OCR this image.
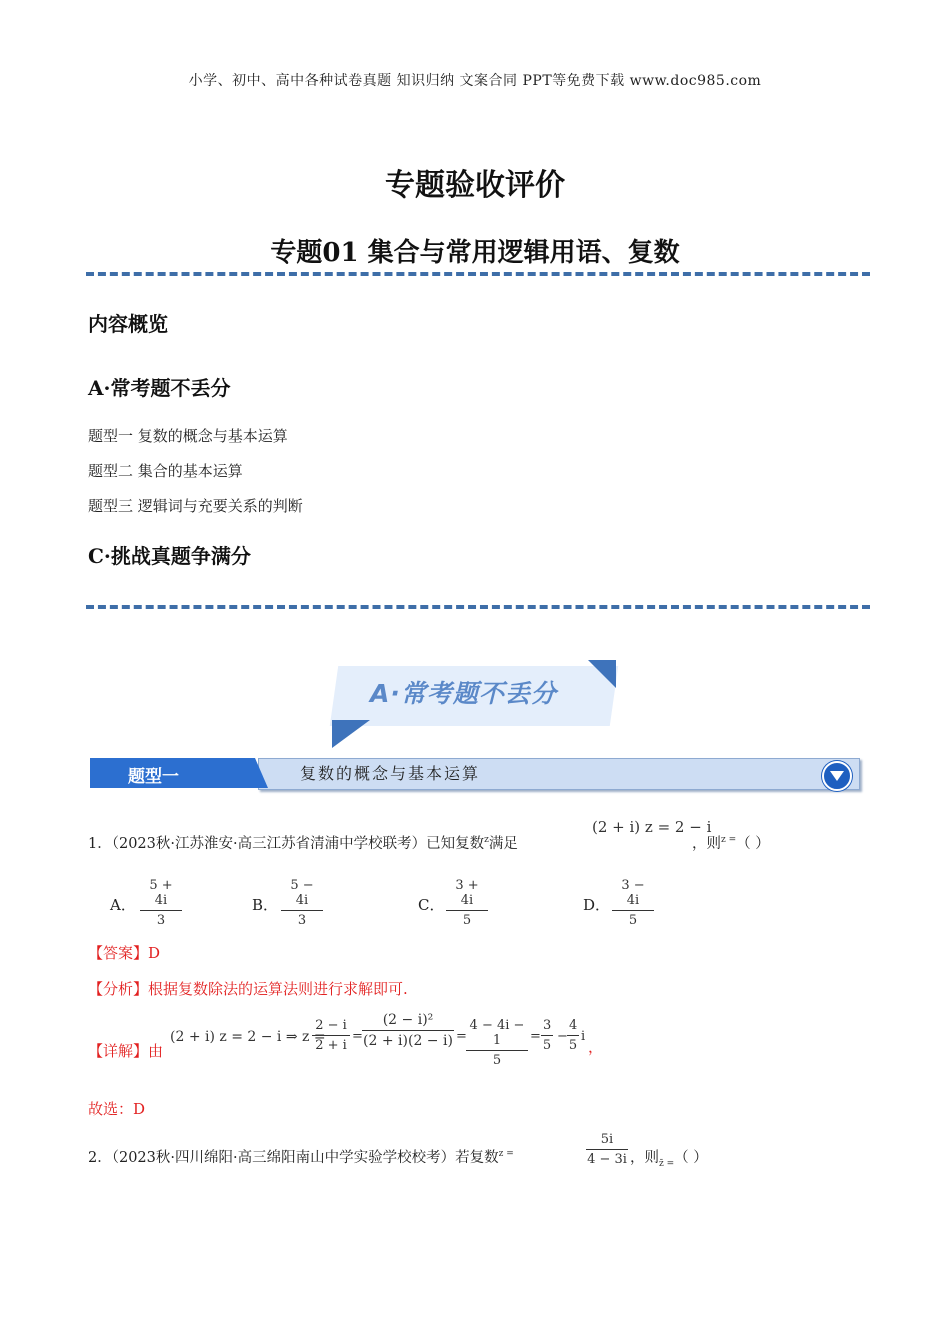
小学、初中、高中各种试卷真题 知识归纳 文案合同 PPT等免费下载 www.doc985.com
专题验收评价
专题01 集合与常用逻辑用语、复数
内容概览
A·常考题不丢分
题型一 复数的概念与基本运算
题型二 集合的基本运算
题型三 逻辑词与充要关系的判断
C·挑战真题争满分
A·常考题不丢分
题型一	复数的概念与基本运算
1．（2023秋·江苏淮安·高三江苏省清浦中学校联考）已知复数$^z$满足
(2 + i) z = 2 − i
，则$^{z =}$（ ）
A．
5 + 4i
3
B．
5 − 4i
3
C．
3 + 4i
5
D．
3 − 4i
5
【答案】D
【分析】根据复数除法的运算法则进行求解即可.
【详解】由
(2 + i) z = 2 − i ⇒ z =
2 − i
2 + i
=
(2 − i)²
(2 + i)(2 − i) =
4 − 4i − 1
5
=
3
5
−
4
5
i
，
故选：D
2．（2023秋·四川绵阳·高三绵阳南山中学实验学校校考）若复数$^{z =}$
5i
4 − 3i ，则$_{z̄ =}$（ ）
